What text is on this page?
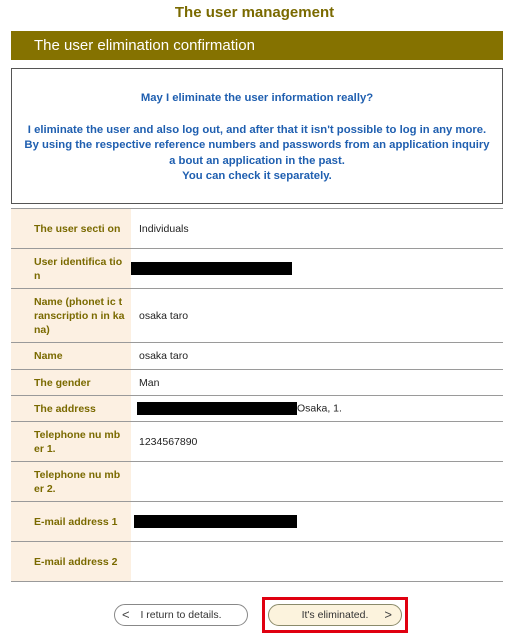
The user management
The user elimination confirmation
May I eliminate the user information really?
I eliminate the user and also log out, and after that it isn't possible to log in any more.
By using the respective reference numbers and passwords from an application inquiry a bout an application in the past.
You can check it separately.
The user secti on	Individuals
User identifica tion	
Name (phonet ic transcriptio n in kana)	osaka taro
Name	osaka taro
The gender	Man
The address	Osaka, 1.
Telephone nu mber 1.	1234567890
Telephone nu mber 2.	
E-mail address 1	
E-mail address 2	
< I return to details.	It's eliminated. >
